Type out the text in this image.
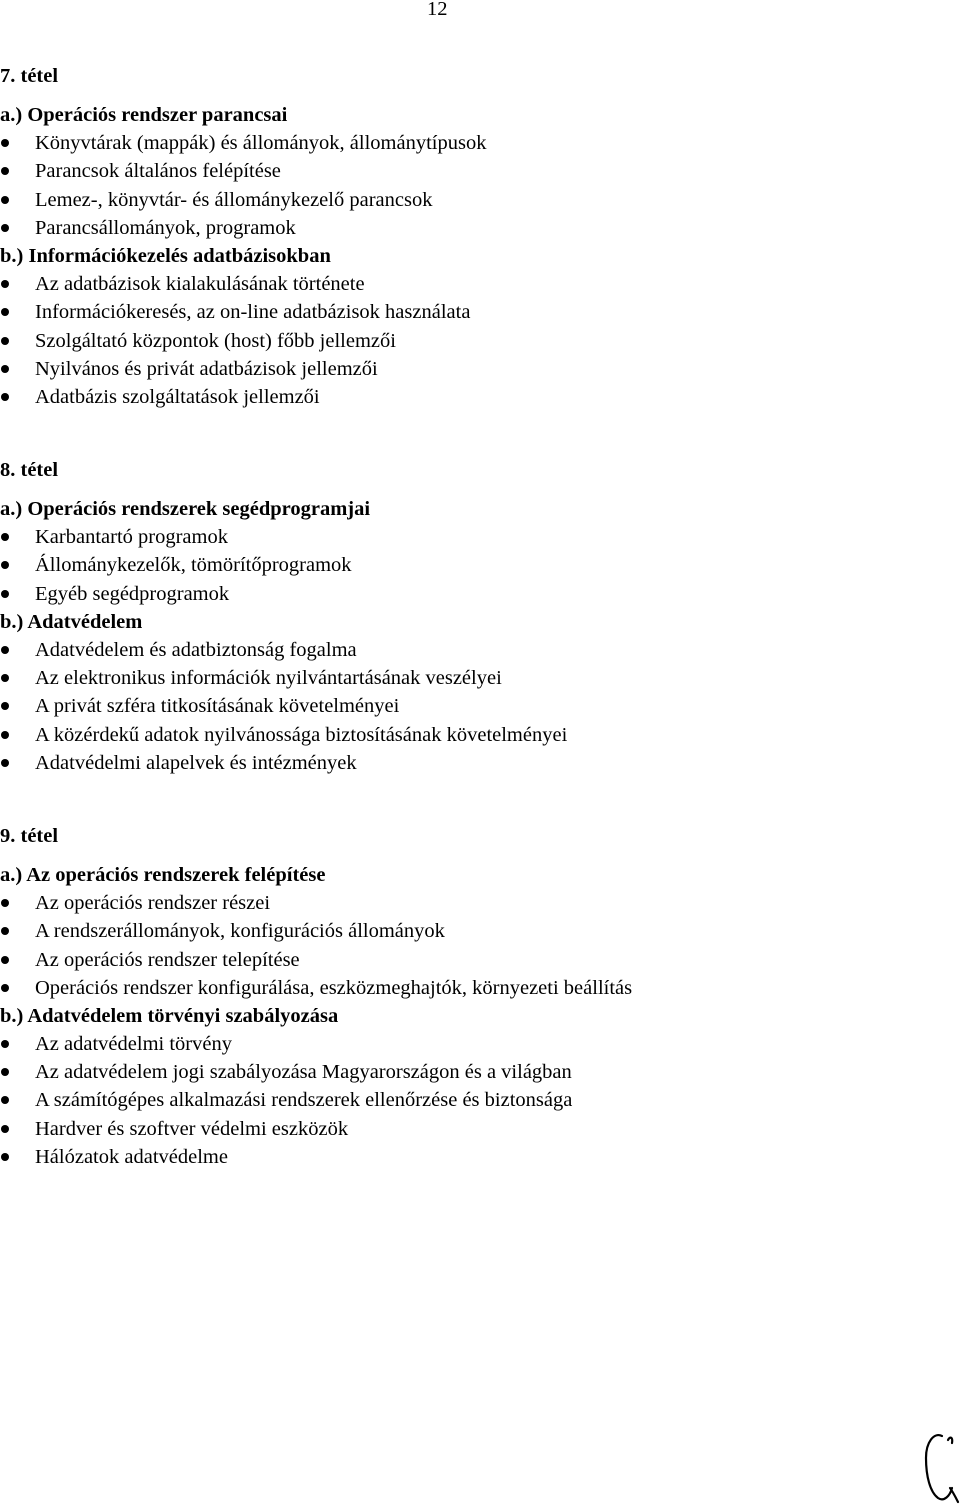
12
7. tétel
a.) Operációs rendszer parancsai
Könyvtárak (mappák) és állományok, állománytípusok
Parancsok általános felépítése
Lemez-, könyvtár- és állománykezelő parancsok
Parancsállományok, programok
b.) Információkezelés adatbázisokban
Az adatbázisok kialakulásának története
Információkeresés, az on-line adatbázisok használata
Szolgáltató központok (host) főbb jellemzői
Nyilvános és privát adatbázisok jellemzői
Adatbázis szolgáltatások jellemzői
8. tétel
a.) Operációs rendszerek segédprogramjai
Karbantartó programok
Állománykezelők, tömörítőprogramok
Egyéb segédprogramok
b.) Adatvédelem
Adatvédelem és adatbiztonság fogalma
Az elektronikus információk nyilvántartásának veszélyei
A privát szféra titkosításának követelményei
A közérdekű adatok nyilvánossága biztosításának követelményei
Adatvédelmi alapelvek és intézmények
9. tétel
a.) Az operációs rendszerek felépítése
Az operációs rendszer részei
A rendszerállományok, konfigurációs állományok
Az operációs rendszer telepítése
Operációs rendszer konfigurálása, eszközmeghajtók, környezeti beállítás
b.) Adatvédelem törvényi szabályozása
Az adatvédelmi törvény
Az adatvédelem jogi szabályozása Magyarországon és a világban
A számítógépes alkalmazási rendszerek ellenőrzése és biztonsága
Hardver és szoftver védelmi eszközök
Hálózatok adatvédelme
